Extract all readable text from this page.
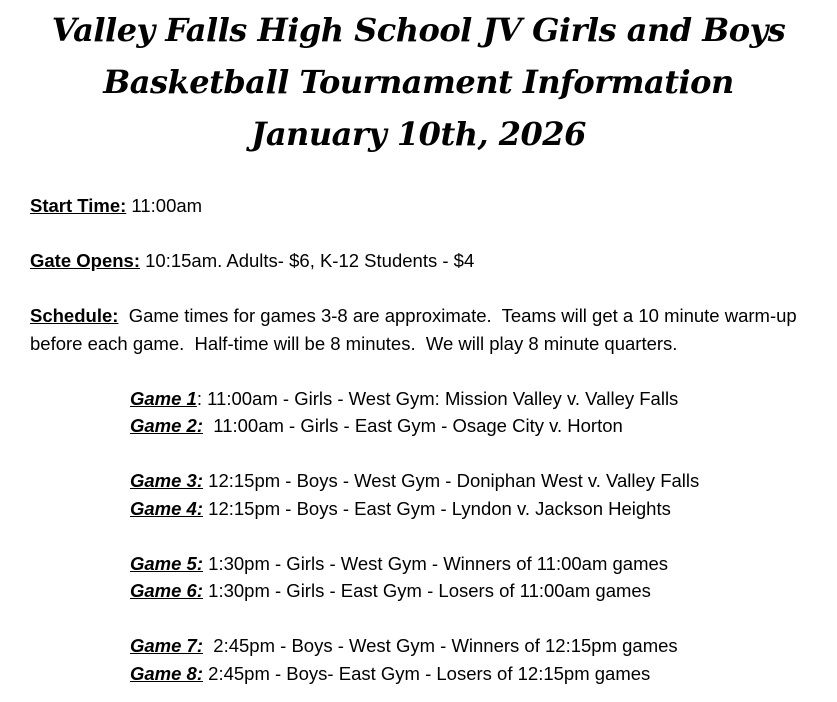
Valley Falls High School JV Girls and Boys
Basketball Tournament Information
January 10th, 2026
Start Time: 11:00am
Gate Opens: 10:15am. Adults- $6, K-12 Students - $4
Schedule:  Game times for games 3-8 are approximate.  Teams will get a 10 minute warm-up before each game.  Half-time will be 8 minutes.  We will play 8 minute quarters.
Game 1: 11:00am - Girls - West Gym: Mission Valley v. Valley Falls
Game 2:  11:00am - Girls - East Gym - Osage City v. Horton
Game 3: 12:15pm - Boys - West Gym - Doniphan West v. Valley Falls
Game 4: 12:15pm - Boys - East Gym - Lyndon v. Jackson Heights
Game 5: 1:30pm - Girls - West Gym - Winners of 11:00am games
Game 6: 1:30pm - Girls - East Gym - Losers of 11:00am games
Game 7:  2:45pm - Boys - West Gym - Winners of 12:15pm games
Game 8: 2:45pm - Boys- East Gym - Losers of 12:15pm games
